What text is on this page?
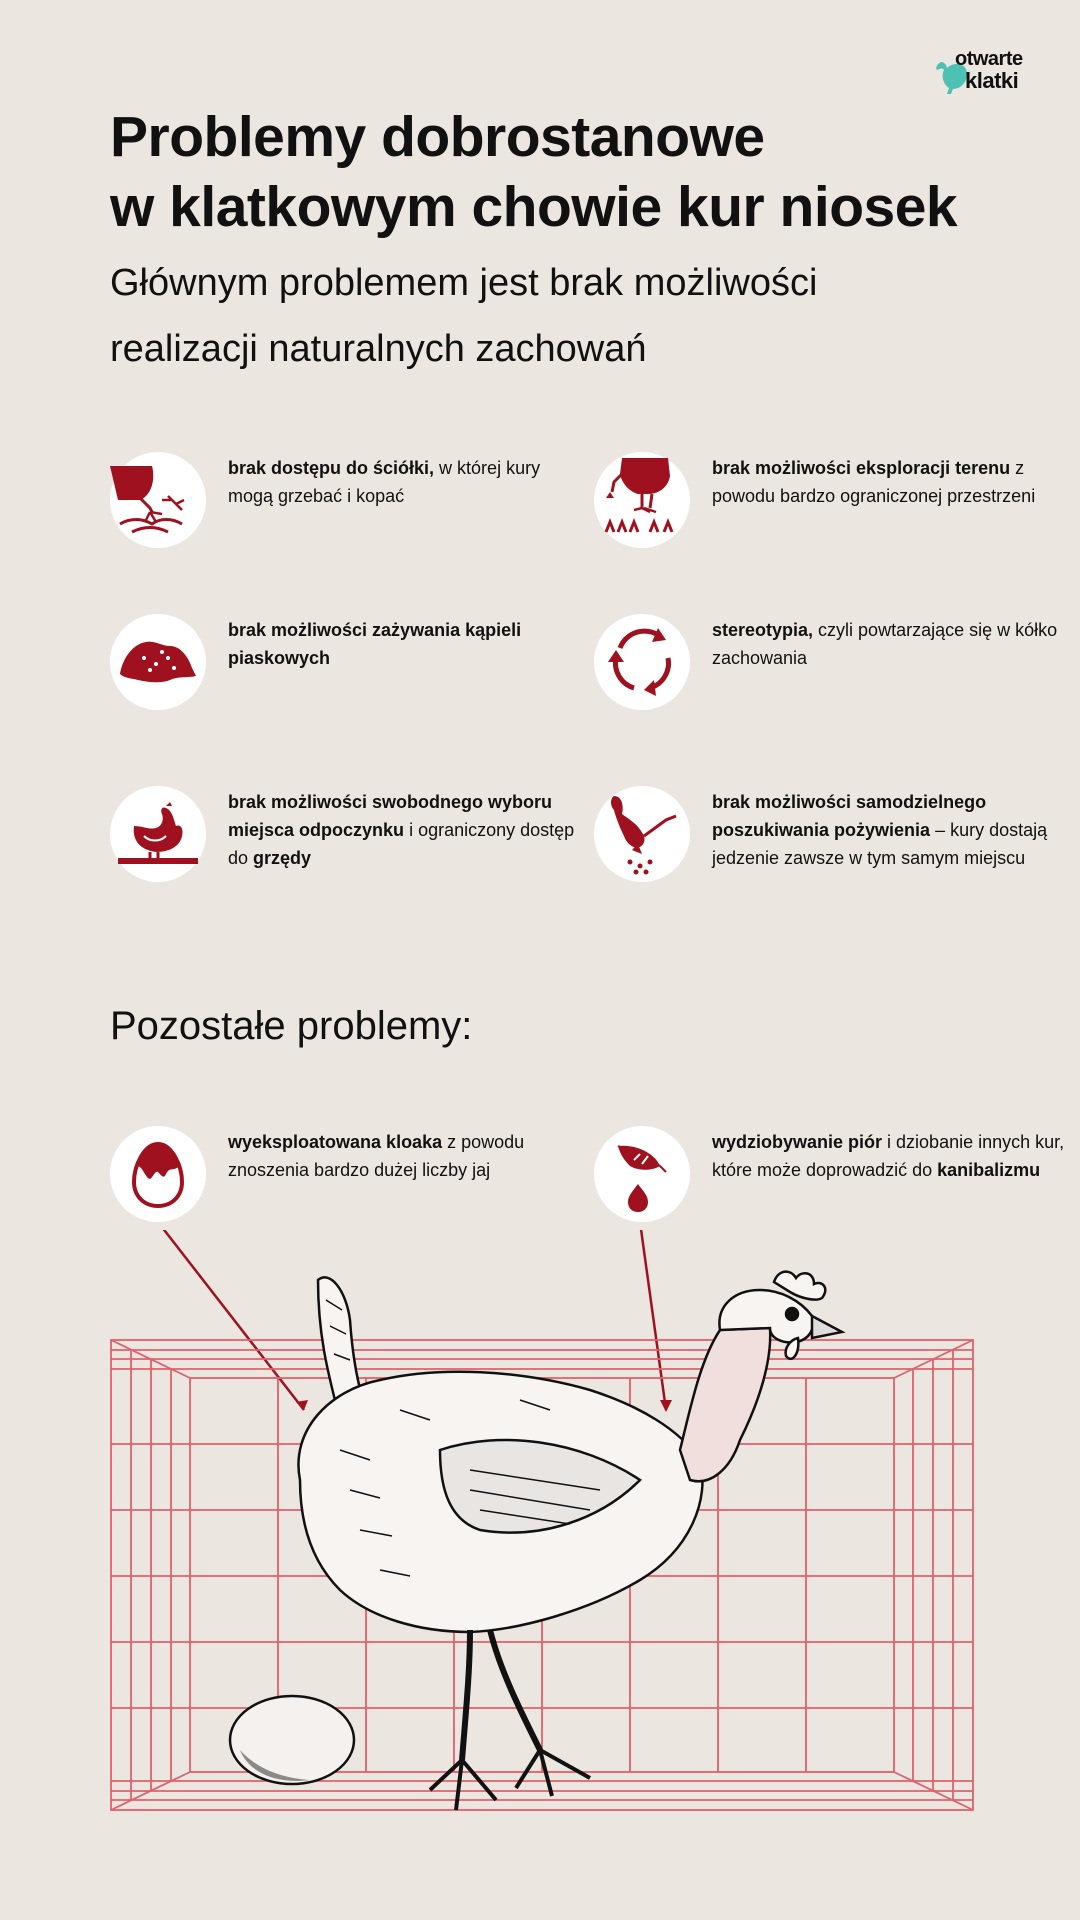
otwarte
klatki
Problemy dobrostanowe
w klatkowym chowie kur niosek
Głównym problemem jest brak możliwości
realizacji naturalnych zachowań
brak dostępu do ściółki, w której kury mogą grzebać i kopać
brak możliwości eksploracji terenu z powodu bardzo ograniczonej przestrzeni
brak możliwości zażywania kąpieli piaskowych
stereotypia, czyli powtarzające się w kółko zachowania
brak możliwości swobodnego wyboru miejsca odpoczynku i ograniczony dostęp do grzędy
brak możliwości samodzielnego poszukiwania pożywienia – kury dostają jedzenie zawsze w tym samym miejscu
Pozostałe problemy:
wyeksploatowana kloaka z powodu znoszenia bardzo dużej liczby jaj
wydziobywanie piór i dziobanie innych kur, które może doprowadzić do kanibalizmu
